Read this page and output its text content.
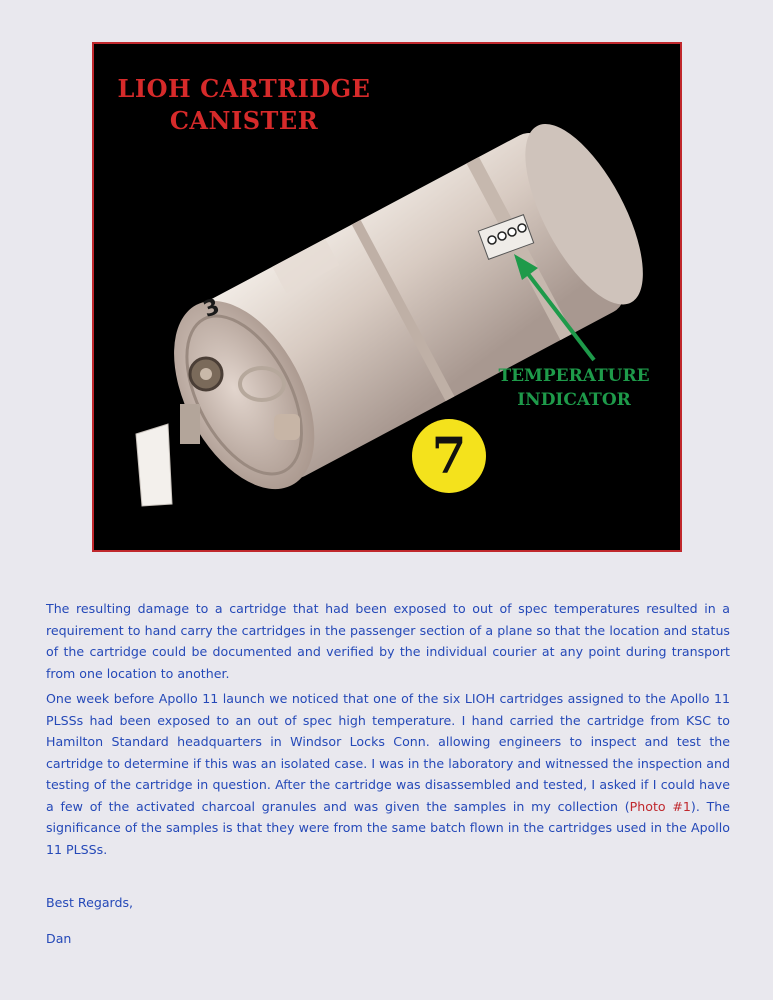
LIOH CARTRIDGE
CANISTER
TEMPERATURE
INDICATOR
7
3

The resulting damage to a cartridge that had been exposed to out of spec temperatures resulted in a requirement to hand carry the cartridges in the passenger section of a plane so that the location and status of the cartridge could be documented and verified by the individual courier at any point during transport from one location to another.

One week before Apollo 11 launch we noticed that one of the six LIOH cartridges assigned to the Apollo 11 PLSSs had been exposed to an out of spec high temperature. I hand carried the cartridge from KSC to Hamilton Standard headquarters in Windsor Locks Conn. allowing engineers to inspect and test the cartridge to determine if this was an isolated case. I was in the laboratory and witnessed the inspection and testing of the cartridge in question. After the cartridge was disassembled and tested, I asked if I could have a few of the activated charcoal granules and was given the samples in my collection (Photo #1). The significance of the samples is that they were from the same batch flown in the cartridges used in the Apollo 11 PLSSs.

Best Regards,
Dan
